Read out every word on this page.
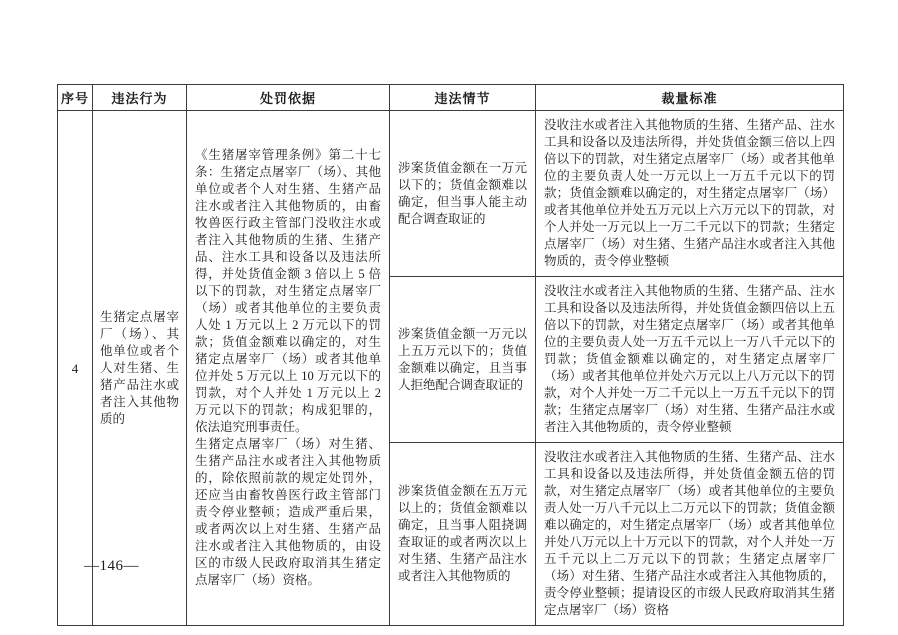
序号	违法行为	处罚依据	违法情节	裁量标准
4	生猪定点屠宰厂（场）、其他单位或者个人对生猪、生猪产品注水或者注入其他物质的	《生猪屠宰管理条例》第二十七条：生猪定点屠宰厂（场）、其他单位或者个人对生猪、生猪产品注水或者注入其他物质的，由畜牧兽医行政主管部门没收注水或者注入其他物质的生猪、生猪产品、注水工具和设备以及违法所得，并处货值金额 3 倍以上 5 倍以下的罚款，对生猪定点屠宰厂（场）或者其他单位的主要负责人处 1 万元以上 2 万元以下的罚款；货值金额难以确定的，对生猪定点屠宰厂（场）或者其他单位并处 5 万元以上 10 万元以下的罚款，对个人并处 1 万元以上 2 万元以下的罚款；构成犯罪的，依法追究刑事责任。

生猪定点屠宰厂（场）对生猪、生猪产品注水或者注入其他物质的，除依照前款的规定处罚外，还应当由畜牧兽医行政主管部门责令停业整顿；造成严重后果，或者两次以上对生猪、生猪产品注水或者注入其他物质的，由设区的市级人民政府取消其生猪定点屠宰厂（场）资格。	涉案货值金额在一万元以下的；货值金额难以确定，但当事人能主动配合调查取证的	没收注水或者注入其他物质的生猪、生猪产品、注水工具和设备以及违法所得，并处货值金额三倍以上四倍以下的罚款，对生猪定点屠宰厂（场）或者其他单位的主要负责人处一万元以上一万五千元以下的罚款；货值金额难以确定的，对生猪定点屠宰厂（场）或者其他单位并处五万元以上六万元以下的罚款，对个人并处一万元以上一万二千元以下的罚款；生猪定点屠宰厂（场）对生猪、生猪产品注水或者注入其他物质的，责令停业整顿
			涉案货值金额一万元以上五万元以下的；货值金额难以确定，且当事人拒绝配合调查取证的	没收注水或者注入其他物质的生猪、生猪产品、注水工具和设备以及违法所得，并处货值金额四倍以上五倍以下的罚款，对生猪定点屠宰厂（场）或者其他单位的主要负责人处一万五千元以上一万八千元以下的罚款；货值金额难以确定的，对生猪定点屠宰厂（场）或者其他单位并处六万元以上八万元以下的罚款，对个人并处一万二千元以上一万五千元以下的罚款；生猪定点屠宰厂（场）对生猪、生猪产品注水或者注入其他物质的，责令停业整顿
			涉案货值金额在五万元以上的；货值金额难以确定，且当事人阻挠调查取证的或者两次以上对生猪、生猪产品注水或者注入其他物质的	没收注水或者注入其他物质的生猪、生猪产品、注水工具和设备以及违法所得，并处货值金额五倍的罚款，对生猪定点屠宰厂（场）或者其他单位的主要负责人处一万八千元以上二万元以下的罚款；货值金额难以确定的，对生猪定点屠宰厂（场）或者其他单位并处八万元以上十万元以下的罚款，对个人并处一万五千元以上二万元以下的罚款；生猪定点屠宰厂（场）对生猪、生猪产品注水或者注入其他物质的，责令停业整顿；提请设区的市级人民政府取消其生猪定点屠宰厂（场）资格
—146—
